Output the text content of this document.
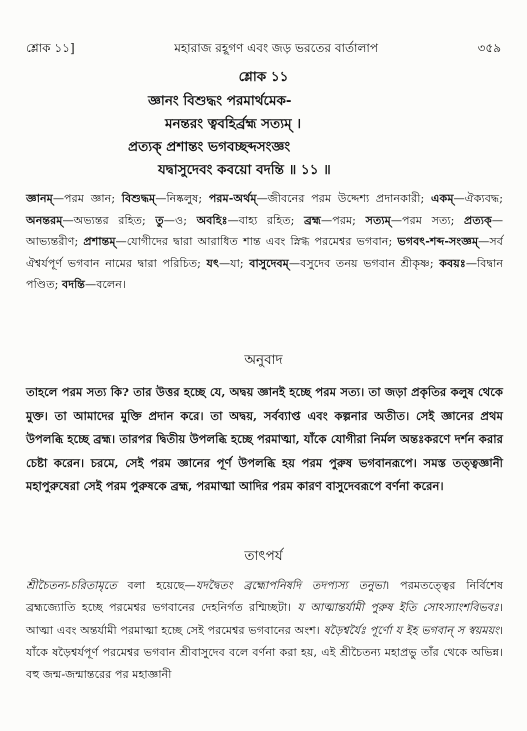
শ্লোক ১১]	মহারাজ রহূগণ এবং জড় ভরতের বার্তালাপ	৩৫৯
শ্লোক ১১
জ্ঞানং বিশুদ্ধং পরমার্থমেক-
মনন্তরং ত্ববহির্ব্রহ্ম সত্যম্ ।
প্রত্যক্ প্রশান্তং ভগবচ্ছব্দসংজ্ঞং
যদ্বাসুদেবং কবয়ো বদন্তি ॥ ১১ ॥
জ্ঞানম্—পরম জ্ঞান; বিশুদ্ধম্—নিষ্কলুষ; পরম-অর্থম্—জীবনের পরম উদ্দেশ্য প্রদানকারী; একম্—ঐক্যবদ্ধ; অনন্তরম্—অভ্যন্তর রহিত; তু—ও; অবহিঃ—বাহ্য রহিত; ব্রহ্ম—পরম; সত্যম্—পরম সত্য; প্রত্যক্—আভ্যন্তরীণ; প্রশান্তম্—যোগীদের দ্বারা আরাধিত শান্ত এবং স্নিগ্ধ পরমেশ্বর ভগবান; ভগবৎ-শব্দ-সংজ্ঞম্—সর্ব ঐশ্বর্যপূর্ণ ভগবান নামের দ্বারা পরিচিত; যৎ—যা; বাসুদেবম্—বসুদেব তনয় ভগবান শ্রীকৃষ্ণ; কবয়ঃ—বিদ্বান পণ্ডিত; বদন্তি—বলেন।
অনুবাদ
তাহলে পরম সত্য কি? তার উত্তর হচ্ছে যে, অদ্বয় জ্ঞানই হচ্ছে পরম সত্য। তা জড়া প্রকৃতির কলুষ থেকে মুক্ত। তা আমাদের মুক্তি প্রদান করে। তা অদ্বয়, সর্বব্যাপ্ত এবং কল্পনার অতীত। সেই জ্ঞানের প্রথম উপলব্ধি হচ্ছে ব্রহ্ম। তারপর দ্বিতীয় উপলব্ধি হচ্ছে পরমাত্মা, যাঁকে যোগীরা নির্মল অন্তঃকরণে দর্শন করার চেষ্টা করেন। চরমে, সেই পরম জ্ঞানের পূর্ণ উপলব্ধি হয় পরম পুরুষ ভগবানরূপে। সমস্ত তত্ত্বজ্ঞানী মহাপুরুষেরা সেই পরম পুরুষকে ব্রহ্ম, পরমাত্মা আদির পরম কারণ বাসুদেবরূপে বর্ণনা করেন।
তাৎপর্য
শ্রীচৈতন্য-চরিতামৃতে বলা হয়েছে—যদদ্বৈতং ব্রহ্মোপনিষদি তদপ্যস্য তনুভা। পরমতত্ত্বের নির্বিশেষ ব্রহ্মজ্যোতি হচ্ছে পরমেশ্বর ভগবানের দেহনির্গত রশ্মিচ্ছটা। য আত্মান্তর্যামী পুরুষ ইতি সোঽস্যাংশবিভবঃ। আত্মা এবং অন্তর্যামী পরমাত্মা হচ্ছে সেই পরমেশ্বর ভগবানের অংশ। ষড়ৈশ্বর্যৈঃ পূর্ণো য ইহ ভগবান্ স স্বয়ময়ং। যাঁকে ষড়ৈশ্বর্যপূর্ণ পরমেশ্বর ভগবান শ্রীবাসুদেব বলে বর্ণনা করা হয়, এই শ্রীচৈতন্য মহাপ্রভু তাঁর থেকে অভিন্ন। বহু জন্ম-জন্মান্তরের পর মহাজ্ঞানী
